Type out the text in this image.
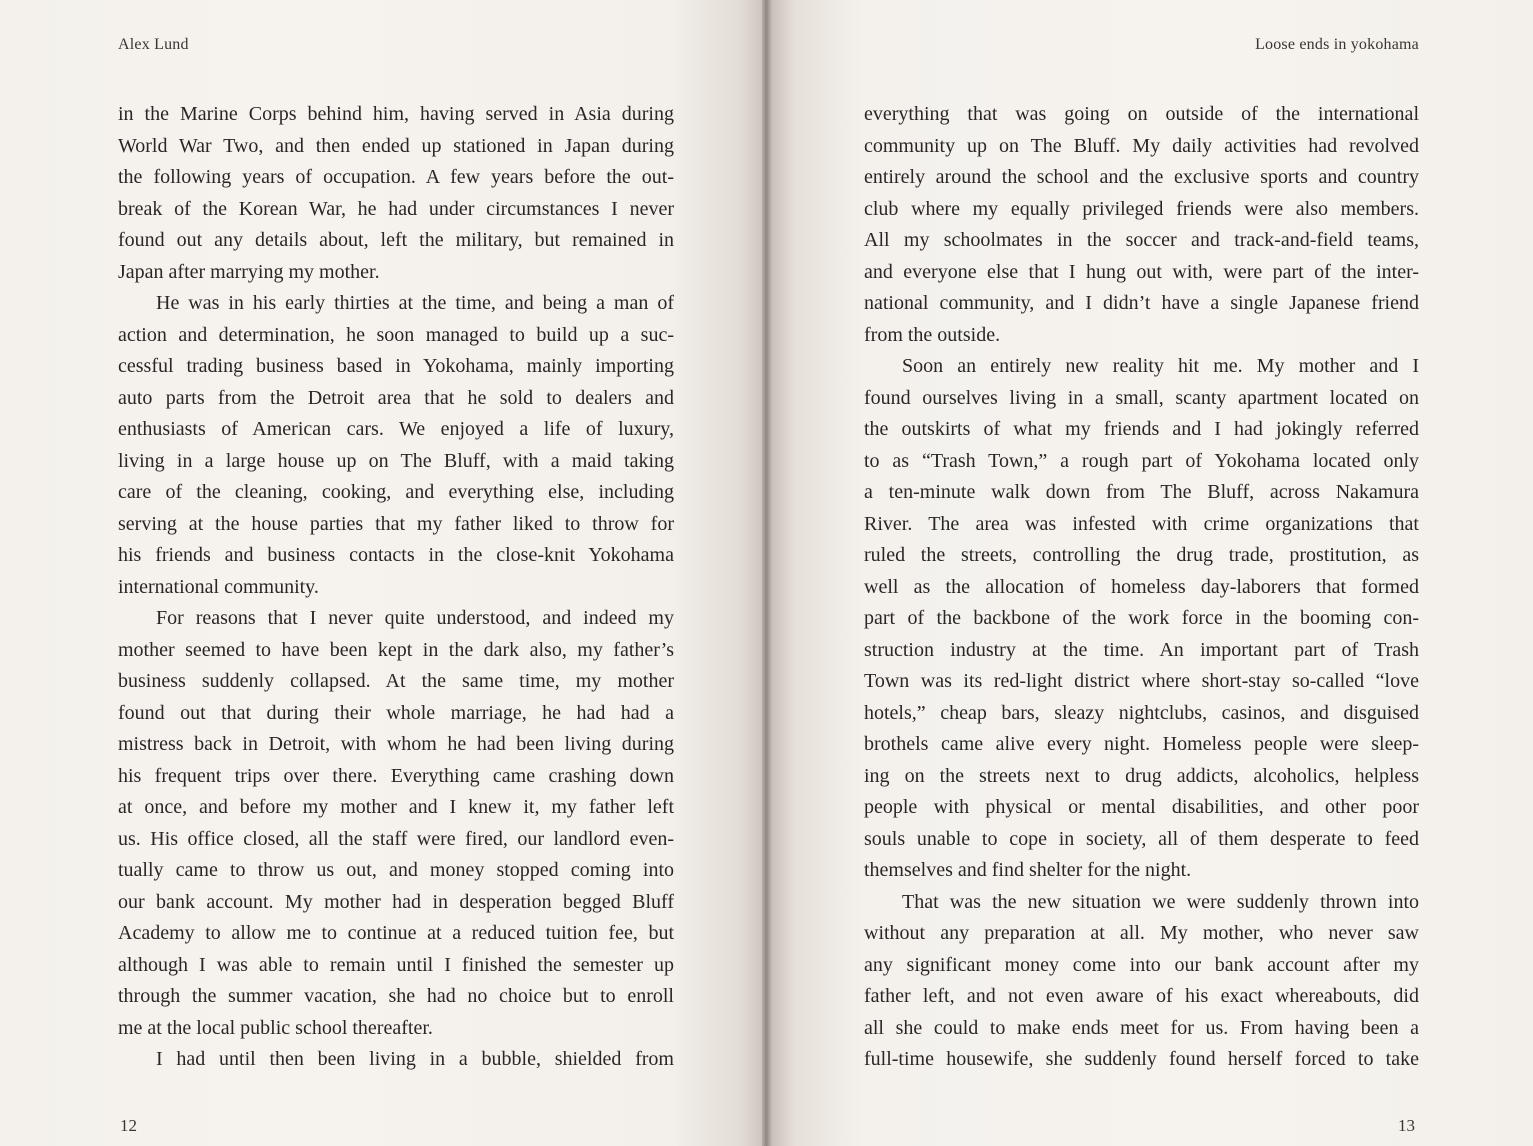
Alex Lund
in the Marine Corps behind him, having served in Asia during
World War Two, and then ended up stationed in Japan during
the following years of occupation. A few years before the out-
break of the Korean War, he had under circumstances I never
found out any details about, left the military, but remained in
Japan after marrying my mother.
He was in his early thirties at the time, and being a man of
action and determination, he soon managed to build up a suc-
cessful trading business based in Yokohama, mainly importing
auto parts from the Detroit area that he sold to dealers and
enthusiasts of American cars. We enjoyed a life of luxury,
living in a large house up on The Bluff, with a maid taking
care of the cleaning, cooking, and everything else, including
serving at the house parties that my father liked to throw for
his friends and business contacts in the close-knit Yokohama
international community.
For reasons that I never quite understood, and indeed my
mother seemed to have been kept in the dark also, my father’s
business suddenly collapsed. At the same time, my mother
found out that during their whole marriage, he had had a
mistress back in Detroit, with whom he had been living during
his frequent trips over there. Everything came crashing down
at once, and before my mother and I knew it, my father left
us. His office closed, all the staff were fired, our landlord even-
tually came to throw us out, and money stopped coming into
our bank account. My mother had in desperation begged Bluff
Academy to allow me to continue at a reduced tuition fee, but
although I was able to remain until I finished the semester up
through the summer vacation, she had no choice but to enroll
me at the local public school thereafter.
I had until then been living in a bubble, shielded from
12
Loose ends in yokohama
everything that was going on outside of the international
community up on The Bluff. My daily activities had revolved
entirely around the school and the exclusive sports and country
club where my equally privileged friends were also members.
All my schoolmates in the soccer and track-and-field teams,
and everyone else that I hung out with, were part of the inter-
national community, and I didn’t have a single Japanese friend
from the outside.
Soon an entirely new reality hit me. My mother and I
found ourselves living in a small, scanty apartment located on
the outskirts of what my friends and I had jokingly referred
to as “Trash Town,” a rough part of Yokohama located only
a ten-minute walk down from The Bluff, across Nakamura
River. The area was infested with crime organizations that
ruled the streets, controlling the drug trade, prostitution, as
well as the allocation of homeless day-laborers that formed
part of the backbone of the work force in the booming con-
struction industry at the time. An important part of Trash
Town was its red-light district where short-stay so-called “love
hotels,” cheap bars, sleazy nightclubs, casinos, and disguised
brothels came alive every night. Homeless people were sleep-
ing on the streets next to drug addicts, alcoholics, helpless
people with physical or mental disabilities, and other poor
souls unable to cope in society, all of them desperate to feed
themselves and find shelter for the night.
That was the new situation we were suddenly thrown into
without any preparation at all. My mother, who never saw
any significant money come into our bank account after my
father left, and not even aware of his exact whereabouts, did
all she could to make ends meet for us. From having been a
full-time housewife, she suddenly found herself forced to take
13
